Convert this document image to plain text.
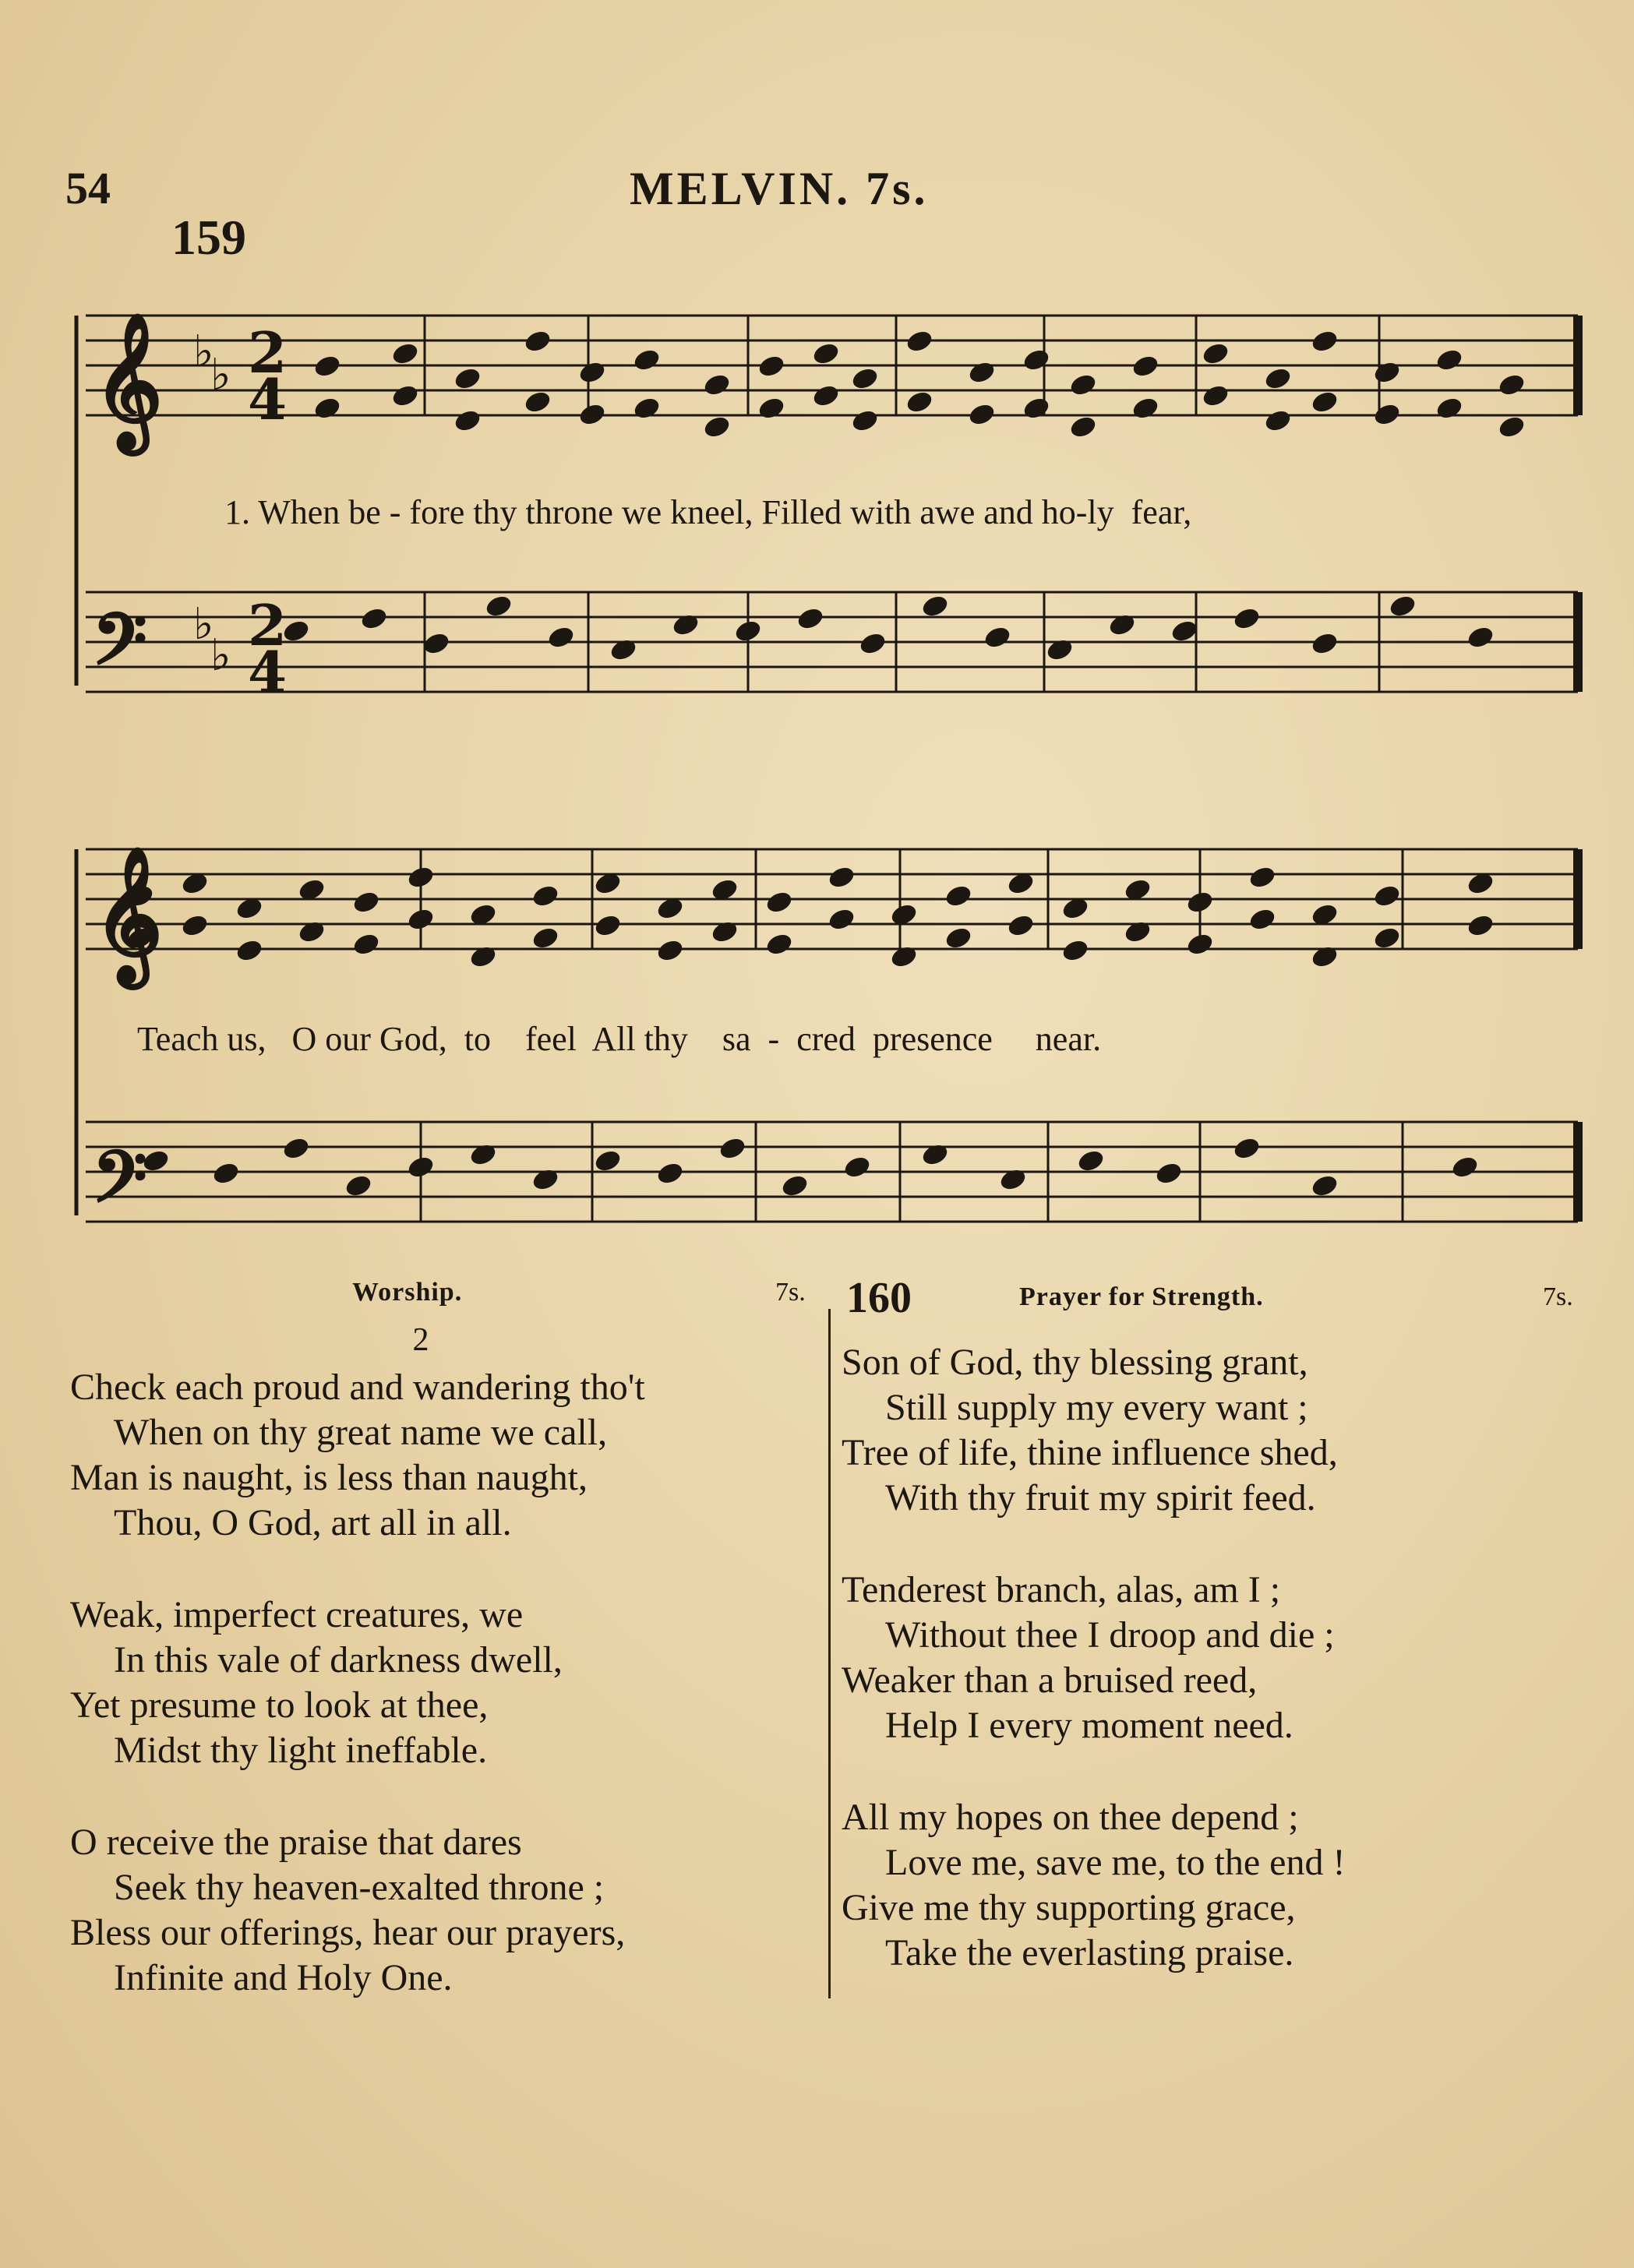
54	MELVIN. 7s.
159
𝄞
𝄢
𝄞
𝄢
2
4
2
4
♭
♭
♭
♭
1. When be - fore thy throne we kneel, Filled with awe and ho-ly  fear,
Teach us,   O our God,  to    feel  All thy    sa  -  cred  presence     near.
Worship.	7s.
2
Check each proud and wandering tho't
When on thy great name we call,
Man is naught, is less than naught,
Thou, O God, art all in all.
Weak, imperfect creatures, we
In this vale of darkness dwell,
Yet presume to look at thee,
Midst thy light ineffable.
O receive the praise that dares
Seek thy heaven-exalted throne ;
Bless our offerings, hear our prayers,
Infinite and Holy One.
160	Prayer for Strength.	7s.
Son of God, thy blessing grant,
Still supply my every want ;
Tree of life, thine influence shed,
With thy fruit my spirit feed.
Tenderest branch, alas, am I ;
Without thee I droop and die ;
Weaker than a bruised reed,
Help I every moment need.
All my hopes on thee depend ;
Love me, save me, to the end !
Give me thy supporting grace,
Take the everlasting praise.
